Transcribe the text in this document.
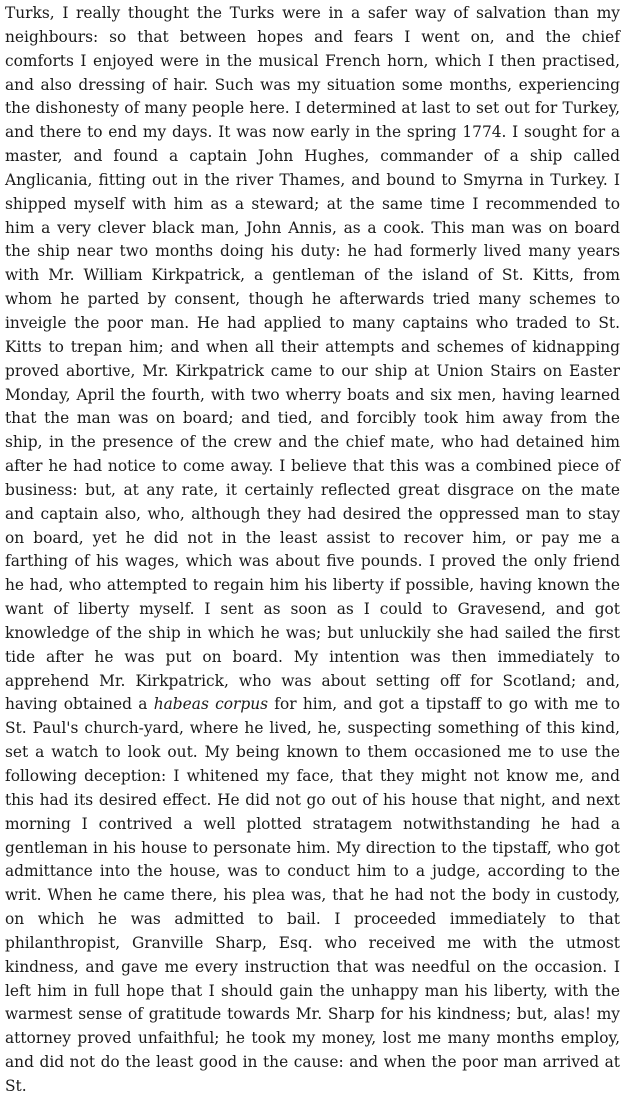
Turks, I really thought the Turks were in a safer way of salvation than my neighbours: so that between hopes and fears I went on, and the chief comforts I enjoyed were in the musical French horn, which I then practised, and also dressing of hair. Such was my situation some months, experiencing the dishonesty of many people here. I determined at last to set out for Turkey, and there to end my days. It was now early in the spring 1774. I sought for a master, and found a captain John Hughes, commander of a ship called Anglicania, fitting out in the river Thames, and bound to Smyrna in Turkey. I shipped myself with him as a steward; at the same time I recommended to him a very clever black man, John Annis, as a cook. This man was on board the ship near two months doing his duty: he had formerly lived many years with Mr. William Kirkpatrick, a gentleman of the island of St. Kitts, from whom he parted by consent, though he afterwards tried many schemes to inveigle the poor man. He had applied to many captains who traded to St. Kitts to trepan him; and when all their attempts and schemes of kidnapping proved abortive, Mr. Kirkpatrick came to our ship at Union Stairs on Easter Monday, April the fourth, with two wherry boats and six men, having learned that the man was on board; and tied, and forcibly took him away from the ship, in the presence of the crew and the chief mate, who had detained him after he had notice to come away. I believe that this was a combined piece of business: but, at any rate, it certainly reflected great disgrace on the mate and captain also, who, although they had desired the oppressed man to stay on board, yet he did not in the least assist to recover him, or pay me a farthing of his wages, which was about five pounds. I proved the only friend he had, who attempted to regain him his liberty if possible, having known the want of liberty myself. I sent as soon as I could to Gravesend, and got knowledge of the ship in which he was; but unluckily she had sailed the first tide after he was put on board. My intention was then immediately to apprehend Mr. Kirkpatrick, who was about setting off for Scotland; and, having obtained a habeas corpus for him, and got a tipstaff to go with me to St. Paul's church-yard, where he lived, he, suspecting something of this kind, set a watch to look out. My being known to them occasioned me to use the following deception: I whitened my face, that they might not know me, and this had its desired effect. He did not go out of his house that night, and next morning I contrived a well plotted stratagem notwithstanding he had a gentleman in his house to personate him. My direction to the tipstaff, who got admittance into the house, was to conduct him to a judge, according to the writ. When he came there, his plea was, that he had not the body in custody, on which he was admitted to bail. I proceeded immediately to that philanthropist, Granville Sharp, Esq. who received me with the utmost kindness, and gave me every instruction that was needful on the occasion. I left him in full hope that I should gain the unhappy man his liberty, with the warmest sense of gratitude towards Mr. Sharp for his kindness; but, alas! my attorney proved unfaithful; he took my money, lost me many months employ, and did not do the least good in the cause: and when the poor man arrived at St.
